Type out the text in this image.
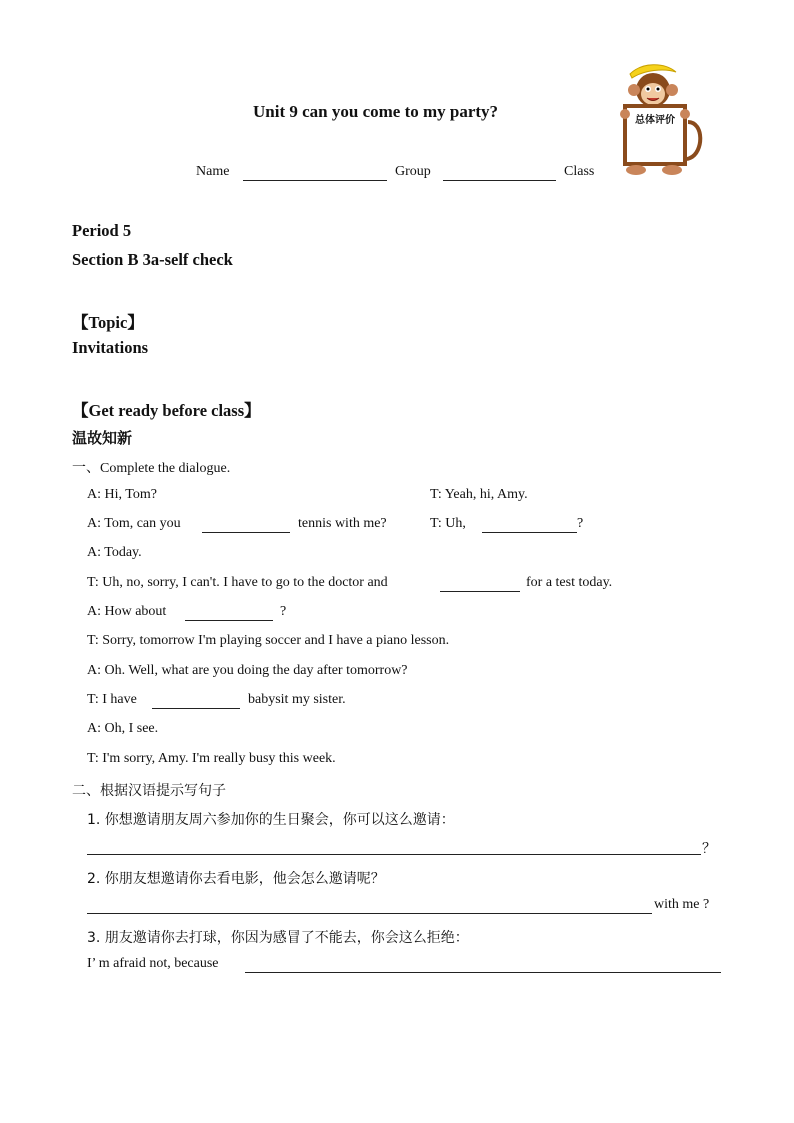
Unit 9 can you come to my party?
Name	Group	Class
总体评价
Period 5
Section B 3a-self check
【Topic】
Invitations
【Get ready before class】
温故知新
一、Complete the dialogue.
A: Hi, Tom?	T: Yeah, hi, Amy.
A: Tom, can you	tennis with me?	T: Uh,	?
A: Today.
T: Uh, no, sorry, I can't. I have to go to the doctor and	for a test today.
A: How about	?
T: Sorry, tomorrow I'm playing soccer and I have a piano lesson.
A: Oh. Well, what are you doing the day after tomorrow?
T: I have	babysit my sister.
A: Oh, I see.
T: I'm sorry, Amy. I'm really busy this week.
二、根据汉语提示写句子
1. 你想邀请朋友周六参加你的生日聚会，你可以这么邀请：
？
2. 你朋友想邀请你去看电影，他会怎么邀请呢？
with me ?
3. 朋友邀请你去打球，你因为感冒了不能去，你会这么拒绝：
I’ m afraid not, because
